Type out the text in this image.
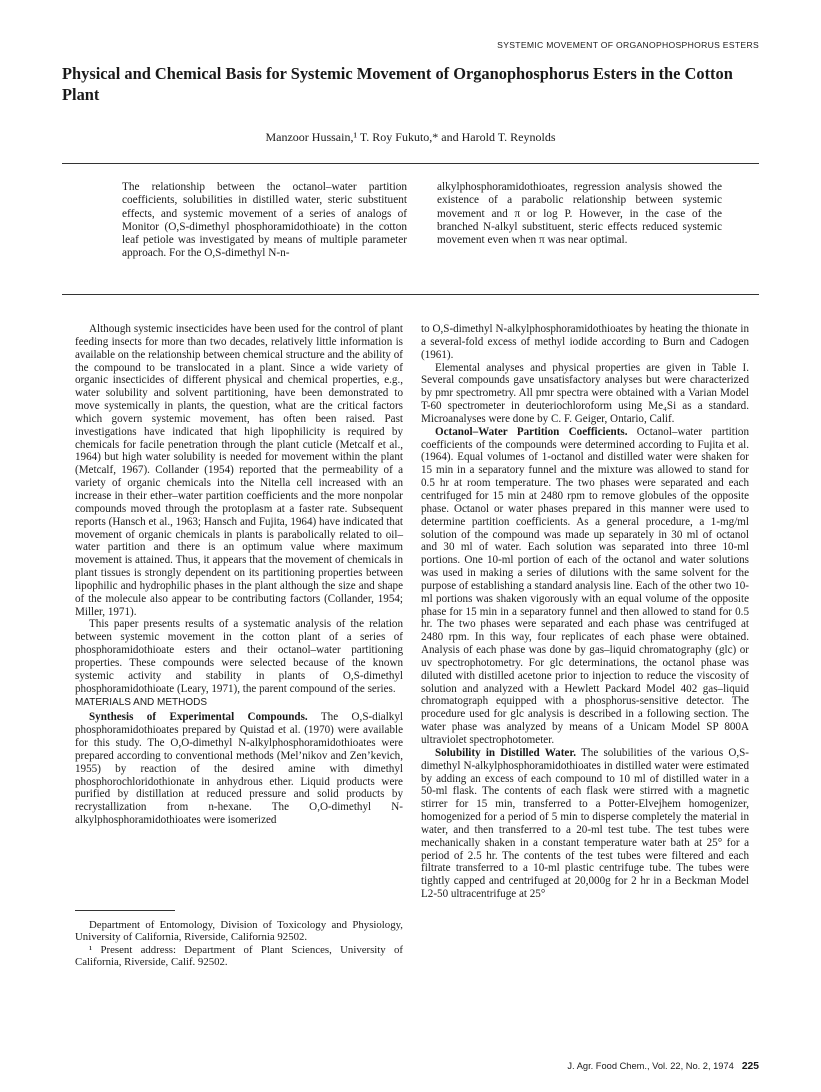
SYSTEMIC MOVEMENT OF ORGANOPHOSPHORUS ESTERS
Physical and Chemical Basis for Systemic Movement of Organophosphorus Esters in the Cotton Plant
Manzoor Hussain,¹ T. Roy Fukuto,* and Harold T. Reynolds

The relationship between the octanol–water partition coefficients, solubilities in distilled water, steric substituent effects, and systemic movement of a series of analogs of Monitor (O,S-dimethyl phosphoramidothioate) in the cotton leaf petiole was investigated by means of multiple parameter approach. For the O,S-dimethyl N-n-

alkylphosphoramidothioates, regression analysis showed the existence of a parabolic relationship between systemic movement and π or log P. However, in the case of the branched N-alkyl substituent, steric effects reduced systemic movement even when π was near optimal.

Although systemic insecticides have been used for the control of plant feeding insects for more than two decades, relatively little information is available on the relationship between chemical structure and the ability of the compound to be translocated in a plant. Since a wide variety of organic insecticides of different physical and chemical properties, e.g., water solubility and solvent partitioning, have been demonstrated to move systemically in plants, the question, what are the critical factors which govern systemic movement, has often been raised. Past investigations have indicated that high lipophilicity is required by chemicals for facile penetration through the plant cuticle (Metcalf et al., 1964) but high water solubility is needed for movement within the plant (Metcalf, 1967). Collander (1954) reported that the permeability of a variety of organic chemicals into the Nitella cell increased with an increase in their ether–water partition coefficients and the more nonpolar compounds moved through the protoplasm at a faster rate. Subsequent reports (Hansch et al., 1963; Hansch and Fujita, 1964) have indicated that movement of organic chemicals in plants is parabolically related to oil–water partition and there is an optimum value where maximum movement is attained. Thus, it appears that the movement of chemicals in plant tissues is strongly dependent on its partitioning properties between lipophilic and hydrophilic phases in the plant although the size and shape of the molecule also appear to be contributing factors (Collander, 1954; Miller, 1971).

This paper presents results of a systematic analysis of the relation between systemic movement in the cotton plant of a series of phosphoramidothioate esters and their octanol–water partitioning properties. These compounds were selected because of the known systemic activity and stability in plants of O,S-dimethyl phosphoramidothioate (Leary, 1971), the parent compound of the series.

MATERIALS AND METHODS

Synthesis of Experimental Compounds. The O,S-dialkyl phosphoramidothioates prepared by Quistad et al. (1970) were available for this study. The O,O-dimethyl N-alkylphosphoramidothioates were prepared according to conventional methods (Mel’nikov and Zen’kevich, 1955) by reaction of the desired amine with dimethyl phosphorochloridothionate in anhydrous ether. Liquid products were purified by distillation at reduced pressure and solid products by recrystallization from n-hexane. The O,O-dimethyl N-alkylphosphoramidothioates were isomerized

Department of Entomology, Division of Toxicology and Physiology, University of California, Riverside, California 92502.

¹ Present address: Department of Plant Sciences, University of California, Riverside, Calif. 92502.

to O,S-dimethyl N-alkylphosphoramidothioates by heating the thionate in a several-fold excess of methyl iodide according to Burn and Cadogen (1961).

Elemental analyses and physical properties are given in Table I. Several compounds gave unsatisfactory analyses but were characterized by pmr spectrometry. All pmr spectra were obtained with a Varian Model T-60 spectrometer in deuteriochloroform using Me₄Si as a standard. Microanalyses were done by C. F. Geiger, Ontario, Calif.

Octanol–Water Partition Coefficients. Octanol–water partition coefficients of the compounds were determined according to Fujita et al. (1964). Equal volumes of 1-octanol and distilled water were shaken for 15 min in a separatory funnel and the mixture was allowed to stand for 0.5 hr at room temperature. The two phases were separated and each centrifuged for 15 min at 2480 rpm to remove globules of the opposite phase. Octanol or water phases prepared in this manner were used to determine partition coefficients. As a general procedure, a 1-mg/ml solution of the compound was made up separately in 30 ml of octanol and 30 ml of water. Each solution was separated into three 10-ml portions. One 10-ml portion of each of the octanol and water solutions was used in making a series of dilutions with the same solvent for the purpose of establishing a standard analysis line. Each of the other two 10-ml portions was shaken vigorously with an equal volume of the opposite phase for 15 min in a separatory funnel and then allowed to stand for 0.5 hr. The two phases were separated and each phase was centrifuged at 2480 rpm. In this way, four replicates of each phase were obtained. Analysis of each phase was done by gas–liquid chromatography (glc) or uv spectrophotometry. For glc determinations, the octanol phase was diluted with distilled acetone prior to injection to reduce the viscosity of solution and analyzed with a Hewlett Packard Model 402 gas–liquid chromatograph equipped with a phosphorus-sensitive detector. The procedure used for glc analysis is described in a following section. The water phase was analyzed by means of a Unicam Model SP 800A ultraviolet spectrophotometer.

Solubility in Distilled Water. The solubilities of the various O,S-dimethyl N-alkylphosphoramidothioates in distilled water were estimated by adding an excess of each compound to 10 ml of distilled water in a 50-ml flask. The contents of each flask were stirred with a magnetic stirrer for 15 min, transferred to a Potter-Elvejhem homogenizer, homogenized for a period of 5 min to disperse completely the material in water, and then transferred to a 20-ml test tube. The test tubes were mechanically shaken in a constant temperature water bath at 25° for a period of 2.5 hr. The contents of the test tubes were filtered and each filtrate transferred to a 10-ml plastic centrifuge tube. The tubes were tightly capped and centrifuged at 20,000g for 2 hr in a Beckman Model L2-50 ultracentrifuge at 25°

J. Agr. Food Chem., Vol. 22, No. 2, 1974 225
